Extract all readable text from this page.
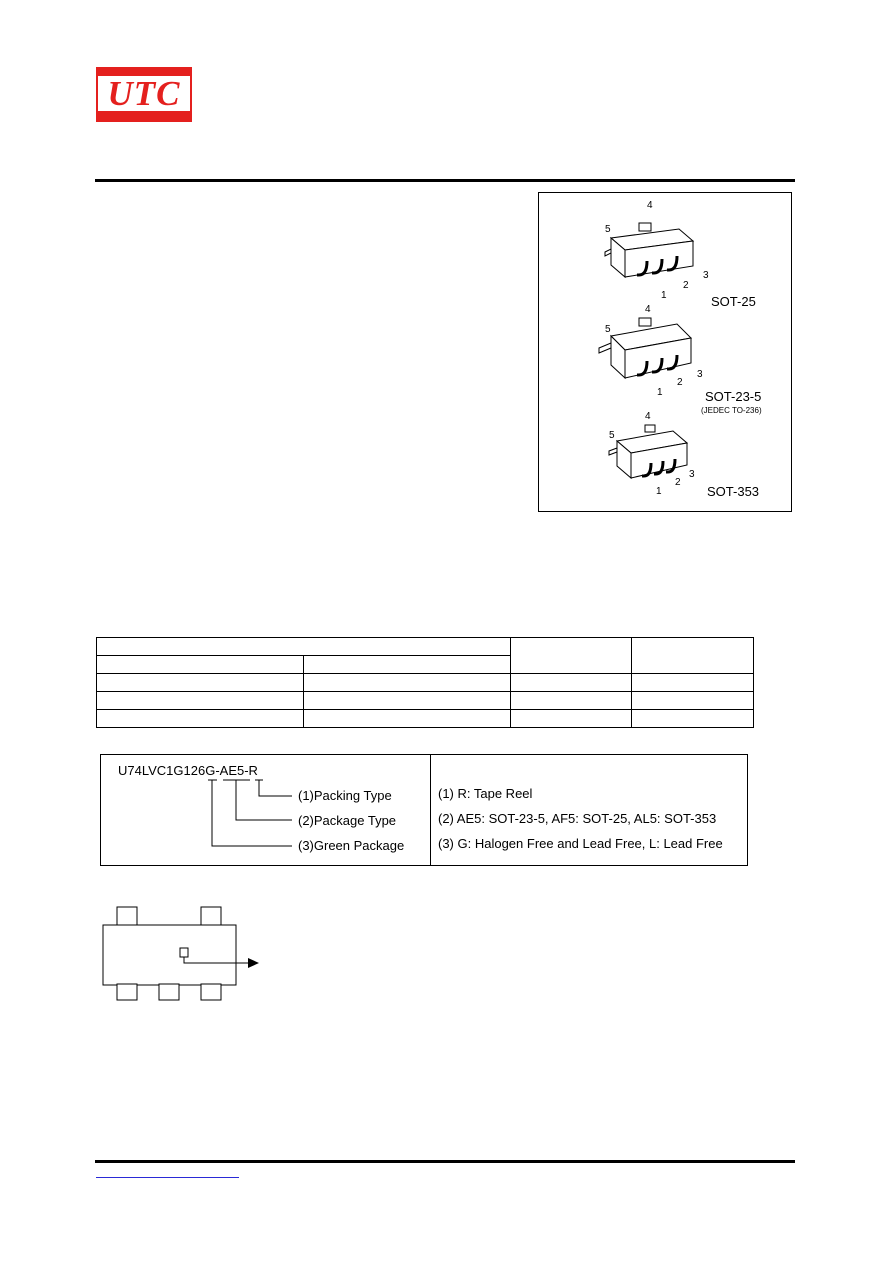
UTC
4
5
3
2
1	SOT-25
4
5
3
2
1	SOT-23-5
(JEDEC TO-236)
4
5
3
2
1	SOT-353

U74LVC1G126G-AE5-R
(1)Packing Type
(2)Package Type
(3)Green Package
(1) R: Tape Reel
(2) AE5: SOT-23-5, AF5: SOT-25, AL5: SOT-353
(3) G: Halogen Free and Lead Free, L: Lead Free
